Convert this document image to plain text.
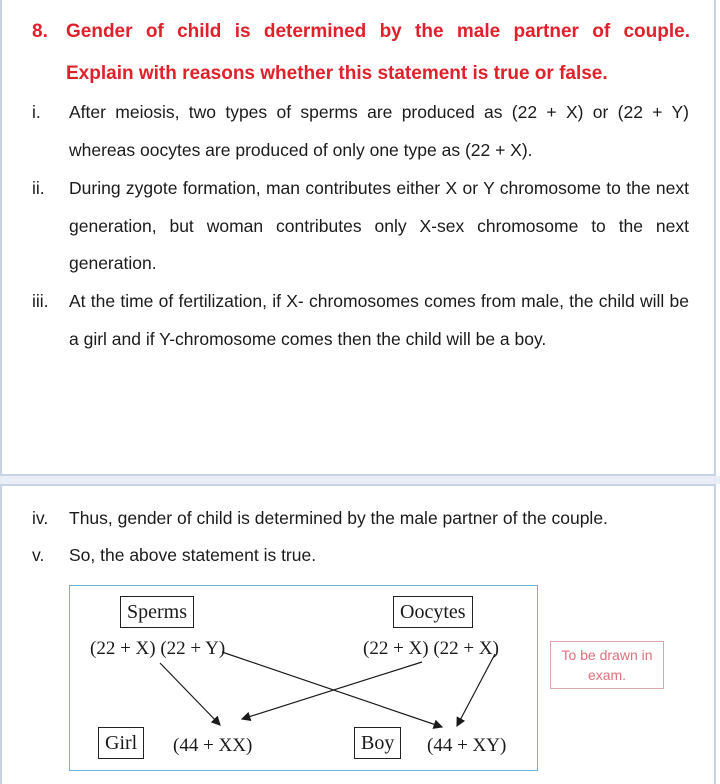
8. Gender of child is determined by the male partner of couple.
Explain with reasons whether this statement is true or false.
i. After meiosis, two types of sperms are produced as (22 + X) or (22 + Y) whereas oocytes are produced of only one type as (22 + X).
ii. During zygote formation, man contributes either X or Y chromosome to the next generation, but woman contributes only X-sex chromosome to the next generation.
iii. At the time of fertilization, if X- chromosomes comes from male, the child will be a girl and if Y-chromosome comes then the child will be a boy.
iv. Thus, gender of child is determined by the male partner of the couple.
v. So, the above statement is true.
Sperms
(22 + X) (22 + Y)
Oocytes
(22 + X) (22 + X)
Girl	(44 + XX)	Boy	(44 + XY)
To be drawn in exam.
